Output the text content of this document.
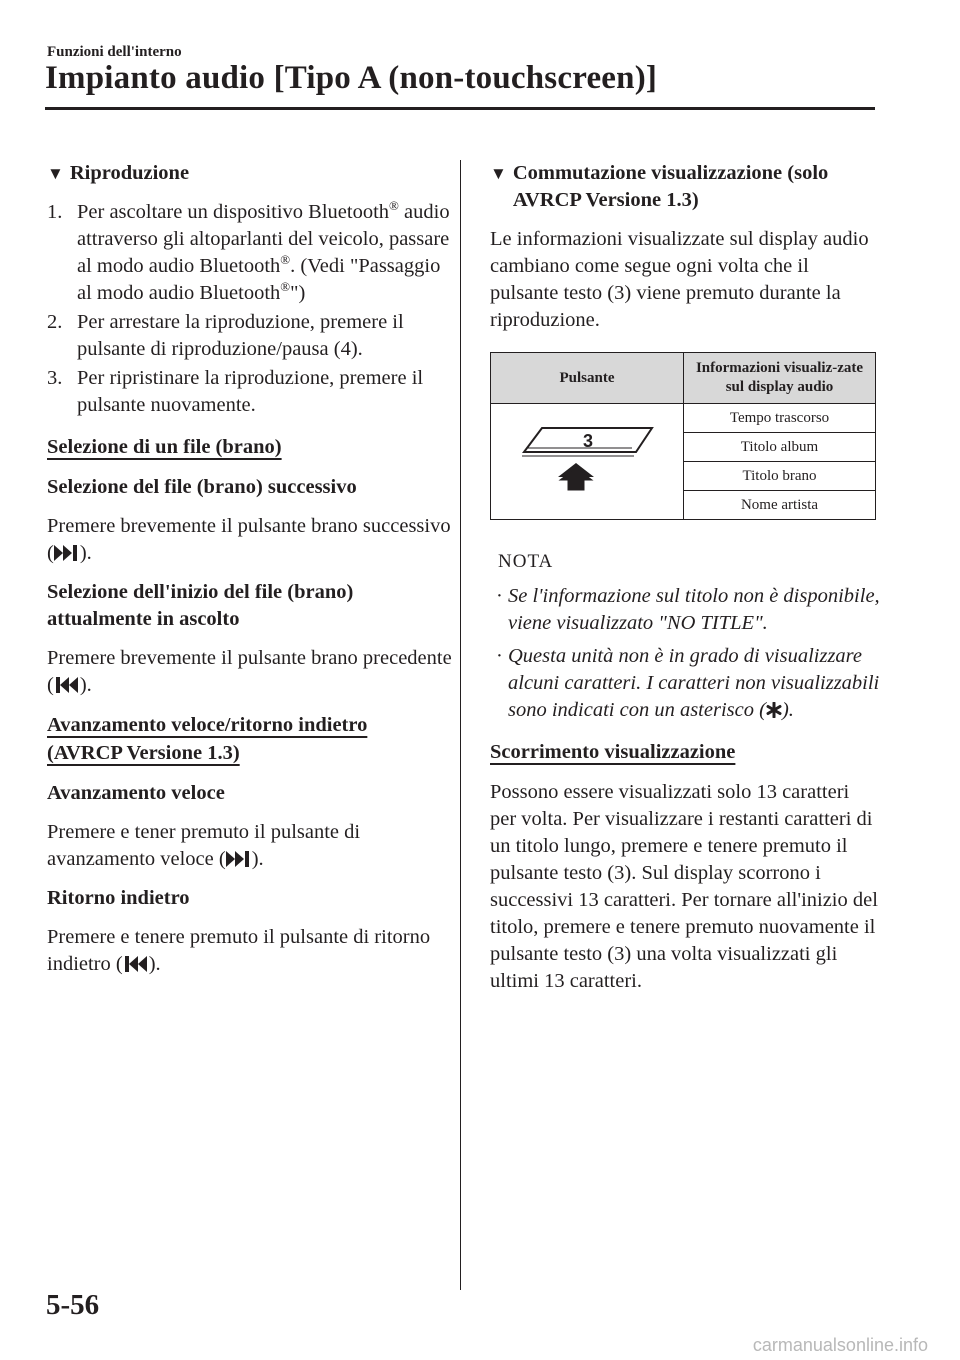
Funzioni dell'interno
Impianto audio [Tipo A (non-touchscreen)]
▼ Riproduzione
1. Per ascoltare un dispositivo Bluetooth® audio attraverso gli altoparlanti del veicolo, passare al modo audio Bluetooth®. (Vedi "Passaggio al modo audio Bluetooth®")
2. Per arrestare la riproduzione, premere il pulsante di riproduzione/pausa (4).
3. Per ripristinare la riproduzione, premere il pulsante nuovamente.
Selezione di un file (brano)

Selezione del file (brano) successivo

Premere brevemente il pulsante brano successivo ( ).

Selezione dell'inizio del file (brano) attualmente in ascolto

Premere brevemente il pulsante brano precedente ( ).

Avanzamento veloce/ritorno indietro (AVRCP Versione 1.3)

Avanzamento veloce

Premere e tener premuto il pulsante di avanzamento veloce ( ).

Ritorno indietro

Premere e tenere premuto il pulsante di ritorno indietro ( ).

▼ Commutazione visualizzazione (solo AVRCP Versione 1.3)

Le informazioni visualizzate sul display audio cambiano come segue ogni volta che il pulsante testo (3) viene premuto durante la riproduzione.

Pulsante	Informazioni visualiz-zate sul display audio

3	Tempo trascorso
	Titolo album
	Titolo brano
	Nome artista

NOTA

· Se l'informazione sul titolo non è disponibile, viene visualizzato "NO TITLE".
· Questa unità non è in grado di visualizzare alcuni caratteri. I caratteri non visualizzabili sono indicati con un asterisco ( ).
Scorrimento visualizzazione

Possono essere visualizzati solo 13 caratteri per volta. Per visualizzare i restanti caratteri di un titolo lungo, premere e tenere premuto il pulsante testo (3). Sul display scorrono i successivi 13 caratteri. Per tornare all'inizio del titolo, premere e tenere premuto nuovamente il pulsante testo (3) una volta visualizzati gli ultimi 13 caratteri.

5-56
carmanualsonline.info
